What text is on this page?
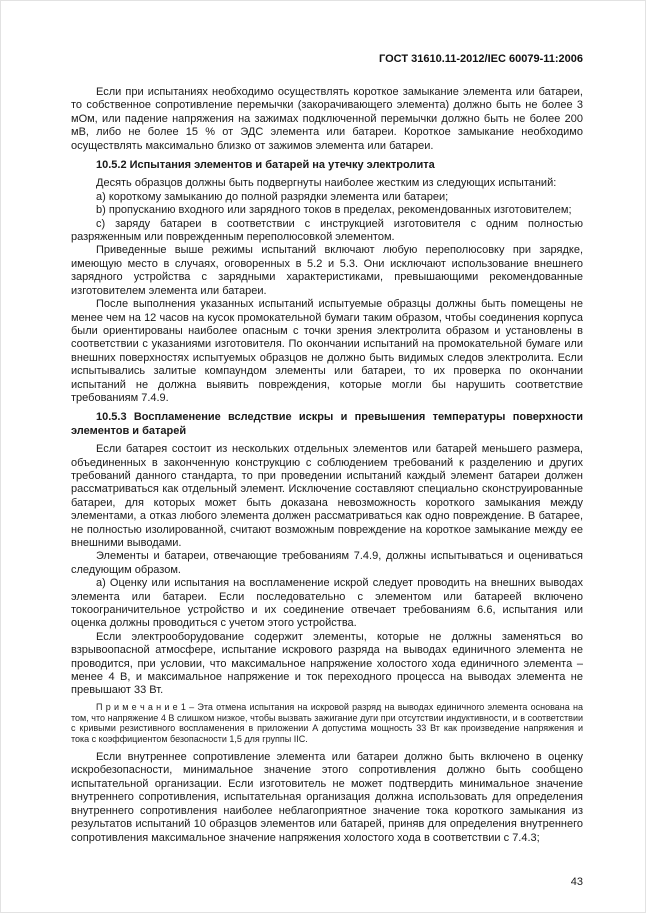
ГОСТ 31610.11-2012/IEC 60079-11:2006

Если при испытаниях необходимо осуществлять короткое замыкание элемента или батареи, то собственное сопротивление перемычки (закорачивающего элемента) должно быть не более 3 мОм, или падение напряжения на зажимах подключенной перемычки должно быть не более 200 мВ, либо не более 15 % от ЭДС элемента или батареи. Короткое замыкание необходимо осуществлять максимально близко от зажимов элемента или батареи.

10.5.2 Испытания элементов и батарей на утечку электролита

Десять образцов должны быть подвергнуты наиболее жестким из следующих испытаний:

а) короткому замыканию до полной разрядки элемента или батареи;

b) пропусканию входного или зарядного токов в пределах, рекомендованных изготовителем;

с) заряду батареи в соответствии с инструкцией изготовителя с одним полностью разряженным или поврежденным переполюсовкой элементом.

Приведенные выше режимы испытаний включают любую переполюсовку при зарядке, имеющую место в случаях, оговоренных в 5.2 и 5.3. Они исключают использование внешнего зарядного устройства с зарядными характеристиками, превышающими рекомендованные изготовителем элемента или батареи.

После выполнения указанных испытаний испытуемые образцы должны быть помещены не менее чем на 12 часов на кусок промокательной бумаги таким образом, чтобы соединения корпуса были ориентированы наиболее опасным с точки зрения электролита образом и установлены в соответствии с указаниями изготовителя. По окончании испытаний на промокательной бумаге или внешних поверхностях испытуемых образцов не должно быть видимых следов электролита. Если испытывались залитые компаундом элементы или батареи, то их проверка по окончании испытаний не должна выявить повреждения, которые могли бы нарушить соответствие требованиям 7.4.9.

10.5.3 Воспламенение вследствие искры и превышения температуры поверхности элементов и батарей

Если батарея состоит из нескольких отдельных элементов или батарей меньшего размера, объединенных в законченную конструкцию с соблюдением требований к разделению и других требований данного стандарта, то при проведении испытаний каждый элемент батареи должен рассматриваться как отдельный элемент. Исключение составляют специально сконструированные батареи, для которых может быть доказана невозможность короткого замыкания между элементами, а отказ любого элемента должен рассматриваться как одно повреждение. В батарее, не полностью изолированной, считают возможным повреждение на короткое замыкание между ее внешними выводами.

Элементы и батареи, отвечающие требованиям 7.4.9, должны испытываться и оцениваться следующим образом.

а) Оценку или испытания на воспламенение искрой следует проводить на внешних выводах элемента или батареи. Если последовательно с элементом или батареей включено токоограничительное устройство и их соединение отвечает требованиям 6.6, испытания или оценка должны проводиться с учетом этого устройства.

Если электрооборудование содержит элементы, которые не должны заменяться во взрывоопасной атмосфере, испытание искрового разряда на выводах единичного элемента не проводится, при условии, что максимальное напряжение холостого хода единичного элемента – менее 4 В, и максимальное напряжение и ток переходного процесса на выводах элемента не превышают 33 Вт.

П р и м е ч а н и е 1 – Эта отмена испытания на искровой разряд на выводах единичного элемента основана на том, что напряжение 4 В слишком низкое, чтобы вызвать зажигание дуги при отсутствии индуктивности, и в соответствии с кривыми резистивного воспламенения в приложении А допустима мощность 33 Вт как произведение напряжения и тока с коэффициентом безопасности 1,5 для группы IIC.

Если внутреннее сопротивление элемента или батареи должно быть включено в оценку искробезопасности, минимальное значение этого сопротивления должно быть сообщено испытательной организации. Если изготовитель не может подтвердить минимальное значение внутреннего сопротивления, испытательная организация должна использовать для определения внутреннего сопротивления наиболее неблагоприятное значение тока короткого замыкания из результатов испытаний 10 образцов элементов или батарей, приняв для определения внутреннего сопротивления максимальное значение напряжения холостого хода в соответствии с 7.4.3;

43
